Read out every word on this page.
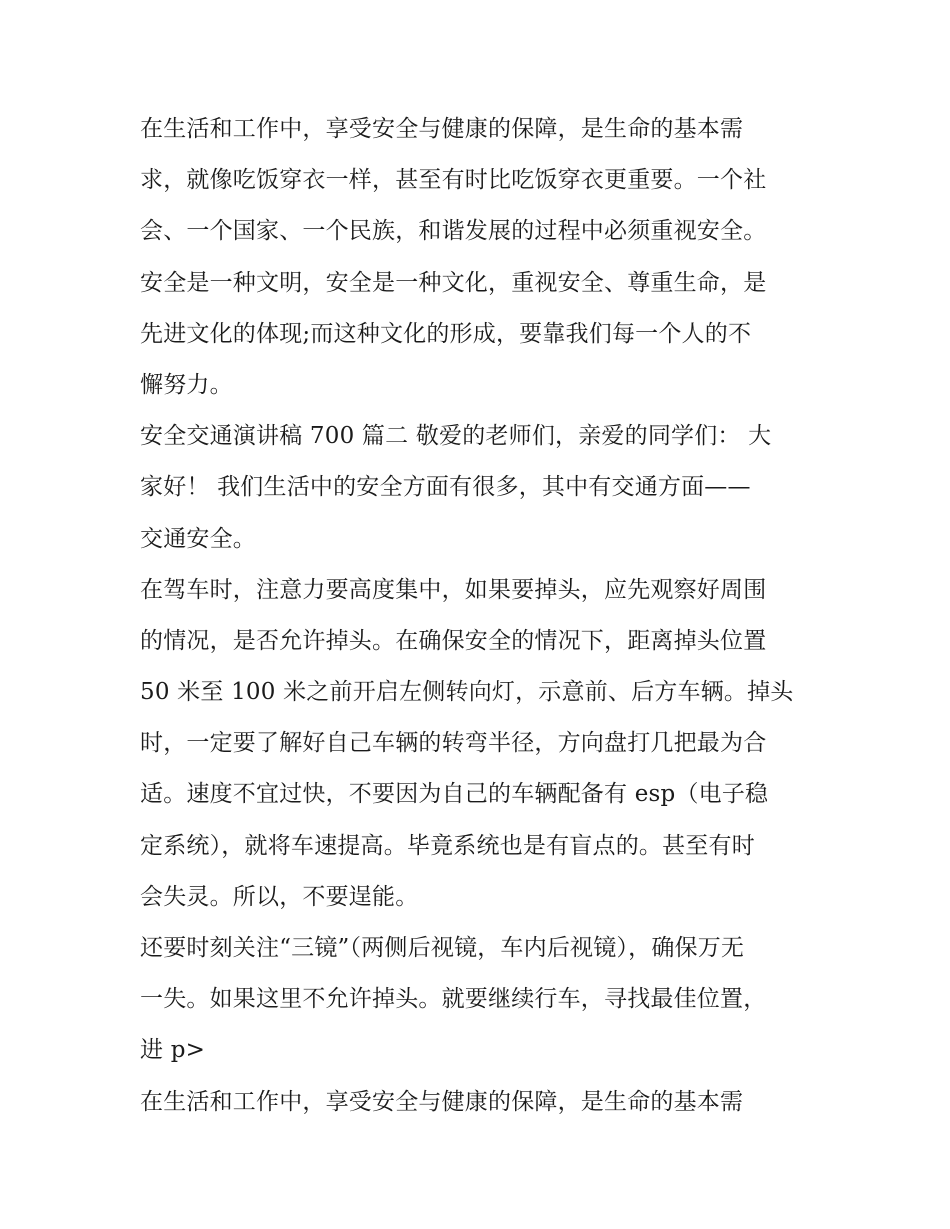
在生活和工作中，享受安全与健康的保障，是生命的基本需
求，就像吃饭穿衣一样，甚至有时比吃饭穿衣更重要。一个社
会、一个国家、一个民族，和谐发展的过程中必须重视安全。
安全是一种文明，安全是一种文化，重视安全、尊重生命，是
先进文化的体现;而这种文化的形成，要靠我们每一个人的不
懈努力。
安全交通演讲稿 700 篇二 敬爱的老师们，亲爱的同学们： 大
家好！ 我们生活中的安全方面有很多，其中有交通方面——
交通安全。
在驾车时，注意力要高度集中，如果要掉头，应先观察好周围
的情况，是否允许掉头。在确保安全的情况下，距离掉头位置
50 米至 100 米之前开启左侧转向灯，示意前、后方车辆。掉头
时，一定要了解好自己车辆的转弯半径，方向盘打几把最为合
适。速度不宜过快，不要因为自己的车辆配备有 esp（电子稳
定系统），就将车速提高。毕竟系统也是有盲点的。甚至有时
会失灵。所以，不要逞能。
还要时刻关注“三镜”（两侧后视镜，车内后视镜），确保万无
一失。如果这里不允许掉头。就要继续行车，寻找最佳位置，
进 p>
在生活和工作中，享受安全与健康的保障，是生命的基本需
